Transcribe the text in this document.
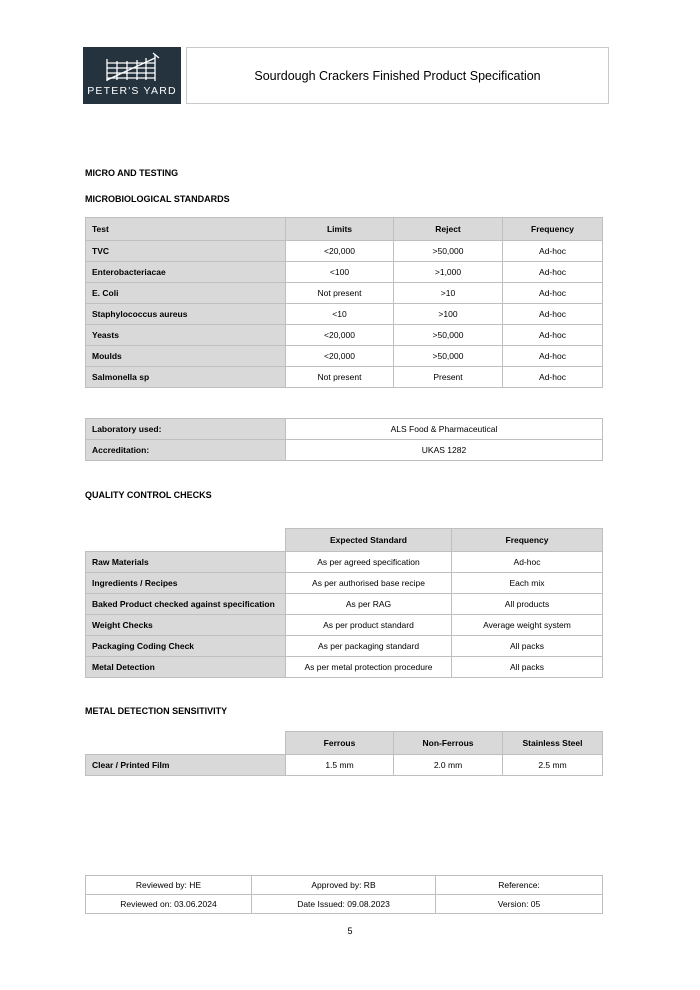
PETER'S YARD
Sourdough Crackers Finished Product Specification
MICRO AND TESTING
MICROBIOLOGICAL STANDARDS
Test	Limits	Reject	Frequency
TVC	<20,000	>50,000	Ad-hoc
Enterobacteriacae	<100	>1,000	Ad-hoc
E. Coli	Not present	>10	Ad-hoc
Staphylococcus aureus	<10	>100	Ad-hoc
Yeasts	<20,000	>50,000	Ad-hoc
Moulds	<20,000	>50,000	Ad-hoc
Salmonella sp	Not present	Present	Ad-hoc
Laboratory used:	ALS Food & Pharmaceutical
Accreditation:	UKAS 1282
QUALITY CONTROL CHECKS
	Expected Standard	Frequency
Raw Materials	As per agreed specification	Ad-hoc
Ingredients / Recipes	As per authorised base recipe	Each mix
Baked Product checked against specification	As per RAG	All products
Weight Checks	As per product standard	Average weight system
Packaging Coding Check	As per packaging standard	All packs
Metal Detection	As per metal protection procedure	All packs
METAL DETECTION SENSITIVITY
	Ferrous	Non-Ferrous	Stainless Steel
Clear / Printed Film	1.5 mm	2.0 mm	2.5 mm
Reviewed by: HE	Approved by: RB	Reference:
Reviewed on: 03.06.2024	Date Issued: 09.08.2023	Version: 05
5
